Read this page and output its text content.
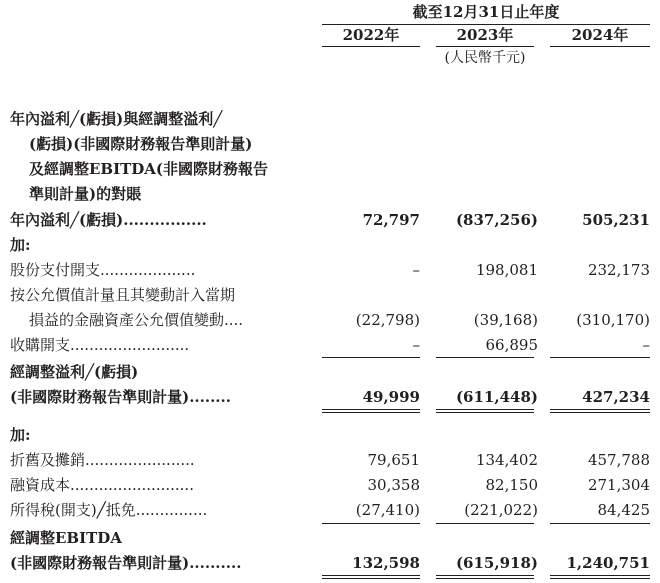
截至12月31日止年度
2022年	2023年	2024年
(人民幣千元)
年內溢利╱(虧損)與經調整溢利╱
(虧損)(非國際財務報告準則計量)
及經調整EBITDA(非國際財務報告
準則計量)的對賬
年內溢利╱(虧損)................	72,797	(837,256)	505,231
加:
股份支付開支....................	–	198,081	232,173
按公允價值計量且其變動計入當期
損益的金融資產公允價值變動....	(22,798)	(39,168)	(310,170)
收購開支.........................	–	66,895	–
經調整溢利╱(虧損)
(非國際財務報告準則計量)........	49,999	(611,448)	427,234
加:
折舊及攤銷.......................	79,651	134,402	457,788
融資成本..........................	30,358	82,150	271,304
所得稅(開支)╱抵免...............	(27,410)	(221,022)	84,425
經調整EBITDA
(非國際財務報告準則計量)..........	132,598	(615,918)	1,240,751
